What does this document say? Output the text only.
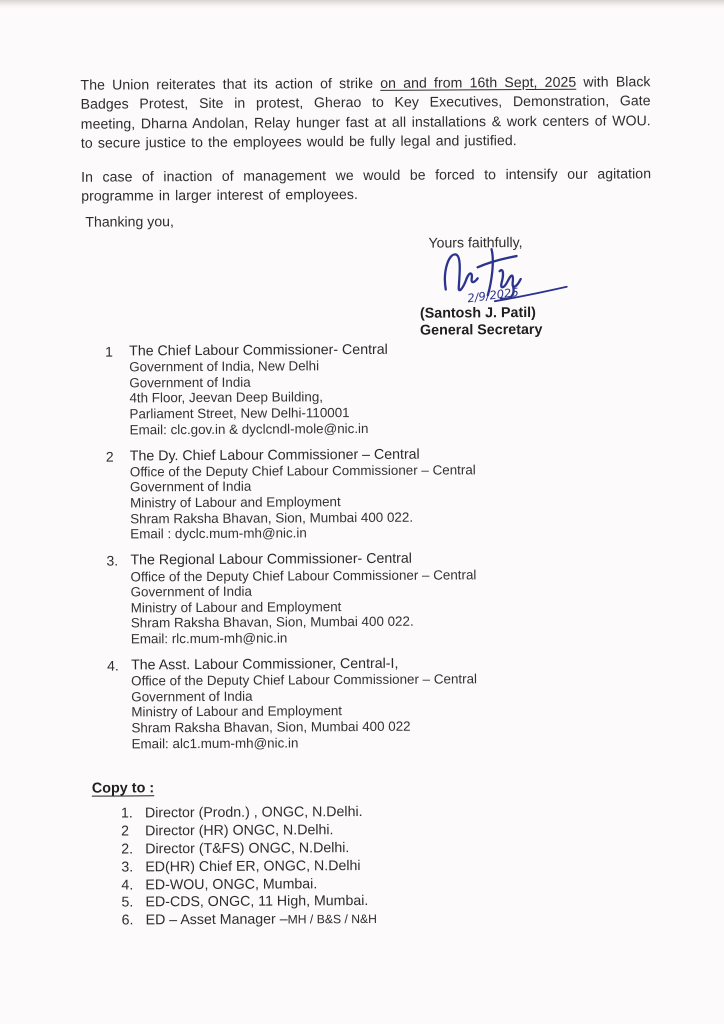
The Union reiterates that its action of strike on and from 16th Sept, 2025 with Black Badges Protest, Site in protest, Gherao to Key Executives, Demonstration, Gate meeting, Dharna Andolan, Relay hunger fast at all installations & work centers of WOU. to secure justice to the employees would be fully legal and justified.
In case of inaction of management we would be forced to intensify our agitation programme in larger interest of employees.
Thanking you,
Yours faithfully,
2/9/2025
(Santosh J. Patil)
General Secretary
1	The Chief Labour Commissioner- Central
Government of India, New Delhi
Government of India
4th Floor, Jeevan Deep Building,
Parliament Street, New Delhi-110001
Email: clc.gov.in & dyclcndl-mole@nic.in
2	The Dy. Chief Labour Commissioner – Central
Office of the Deputy Chief Labour Commissioner – Central
Government of India
Ministry of Labour and Employment
Shram Raksha Bhavan, Sion, Mumbai 400 022.
Email : dyclc.mum-mh@nic.in
3. The Regional Labour Commissioner- Central
Office of the Deputy Chief Labour Commissioner – Central
Government of India
Ministry of Labour and Employment
Shram Raksha Bhavan, Sion, Mumbai 400 022.
Email: rlc.mum-mh@nic.in
4. The Asst. Labour Commissioner, Central-I,
Office of the Deputy Chief Labour Commissioner – Central
Government of India
Ministry of Labour and Employment
Shram Raksha Bhavan, Sion, Mumbai 400 022
Email: alc1.mum-mh@nic.in
Copy to :
1. Director (Prodn.) , ONGC, N.Delhi.
2	Director (HR) ONGC, N.Delhi.
2. Director (T&FS) ONGC, N.Delhi.
3. ED(HR) Chief ER, ONGC, N.Delhi
4. ED-WOU, ONGC, Mumbai.
5. ED-CDS, ONGC, 11 High, Mumbai.
6. ED – Asset Manager – MH / B&S / N&H
